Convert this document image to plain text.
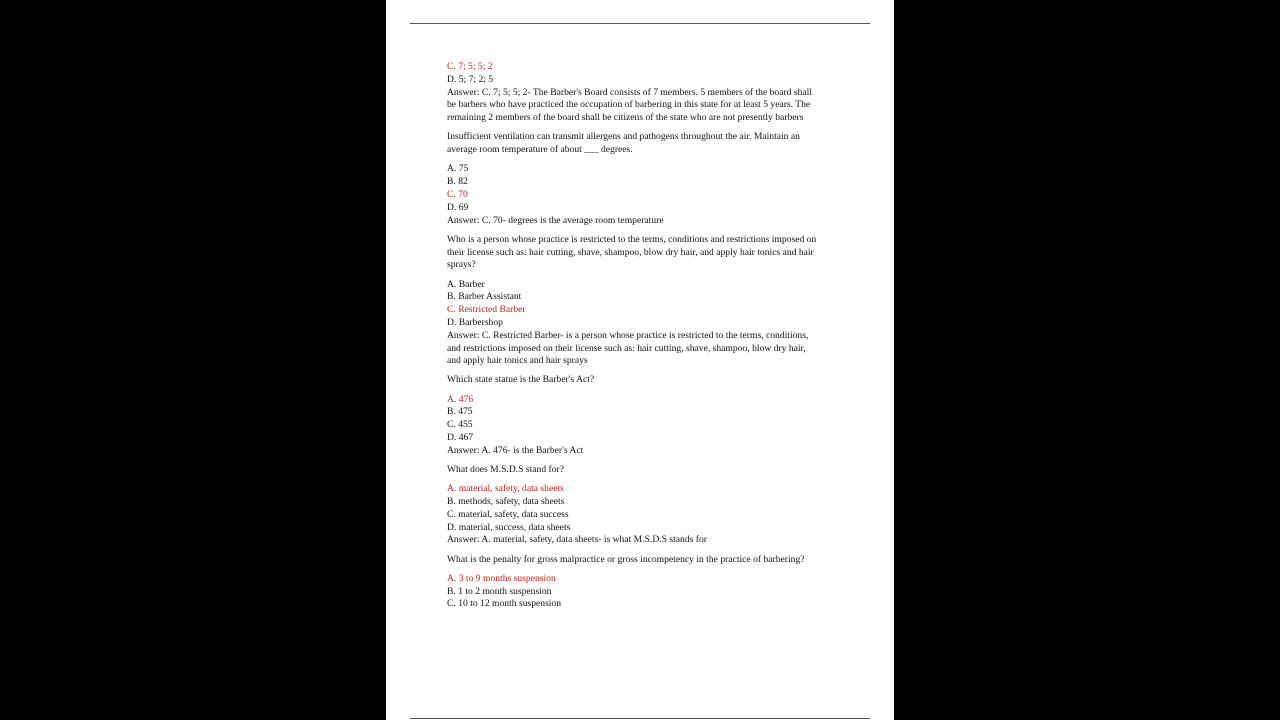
C. 7; 5; 5; 2
D. 5; 7; 2; 5
Answer: C. 7; 5; 5; 2- The Barber's Board consists of 7 members. 5 members of the board shall
be barbers who have practiced the occupation of barbering in this state for at least 5 years. The
remaining 2 members of the board shall be citizens of the state who are not presently barbers
Insufficient ventilation can transmit allergens and pathogens throughout the air. Maintain an
average room temperature of about ___ degrees.
A. 75
B. 82
C. 70
D. 69
Answer: C. 70- degrees is the average room temperature
Who is a person whose practice is restricted to the terms, conditions and restrictions imposed on
their license such as: hair cutting, shave, shampoo, blow dry hair, and apply hair tonics and hair
sprays?
A. Barber
B. Barber Assistant
C. Restricted Barber
D. Barbershop
Answer: C. Restricted Barber- is a person whose practice is restricted to the terms, conditions,
and restrictions imposed on their license such as: hair cutting, shave, shampoo, blow dry hair,
and apply hair tonics and hair sprays
Which state statue is the Barber's Act?
A. 476
B. 475
C. 455
D. 467
Answer: A. 476- is the Barber's Act
What does M.S.D.S stand for?
A. material, safety, data sheets
B. methods, safety, data sheets
C. material, safety, data success
D. material, success, data sheets
Answer: A. material, safety, data sheets- is what M.S.D.S stands for
What is the penalty for gross malpractice or gross incompetency in the practice of barbering?
A. 3 to 9 months suspension
B. 1 to 2 month suspension
C. 10 to 12 month suspension
